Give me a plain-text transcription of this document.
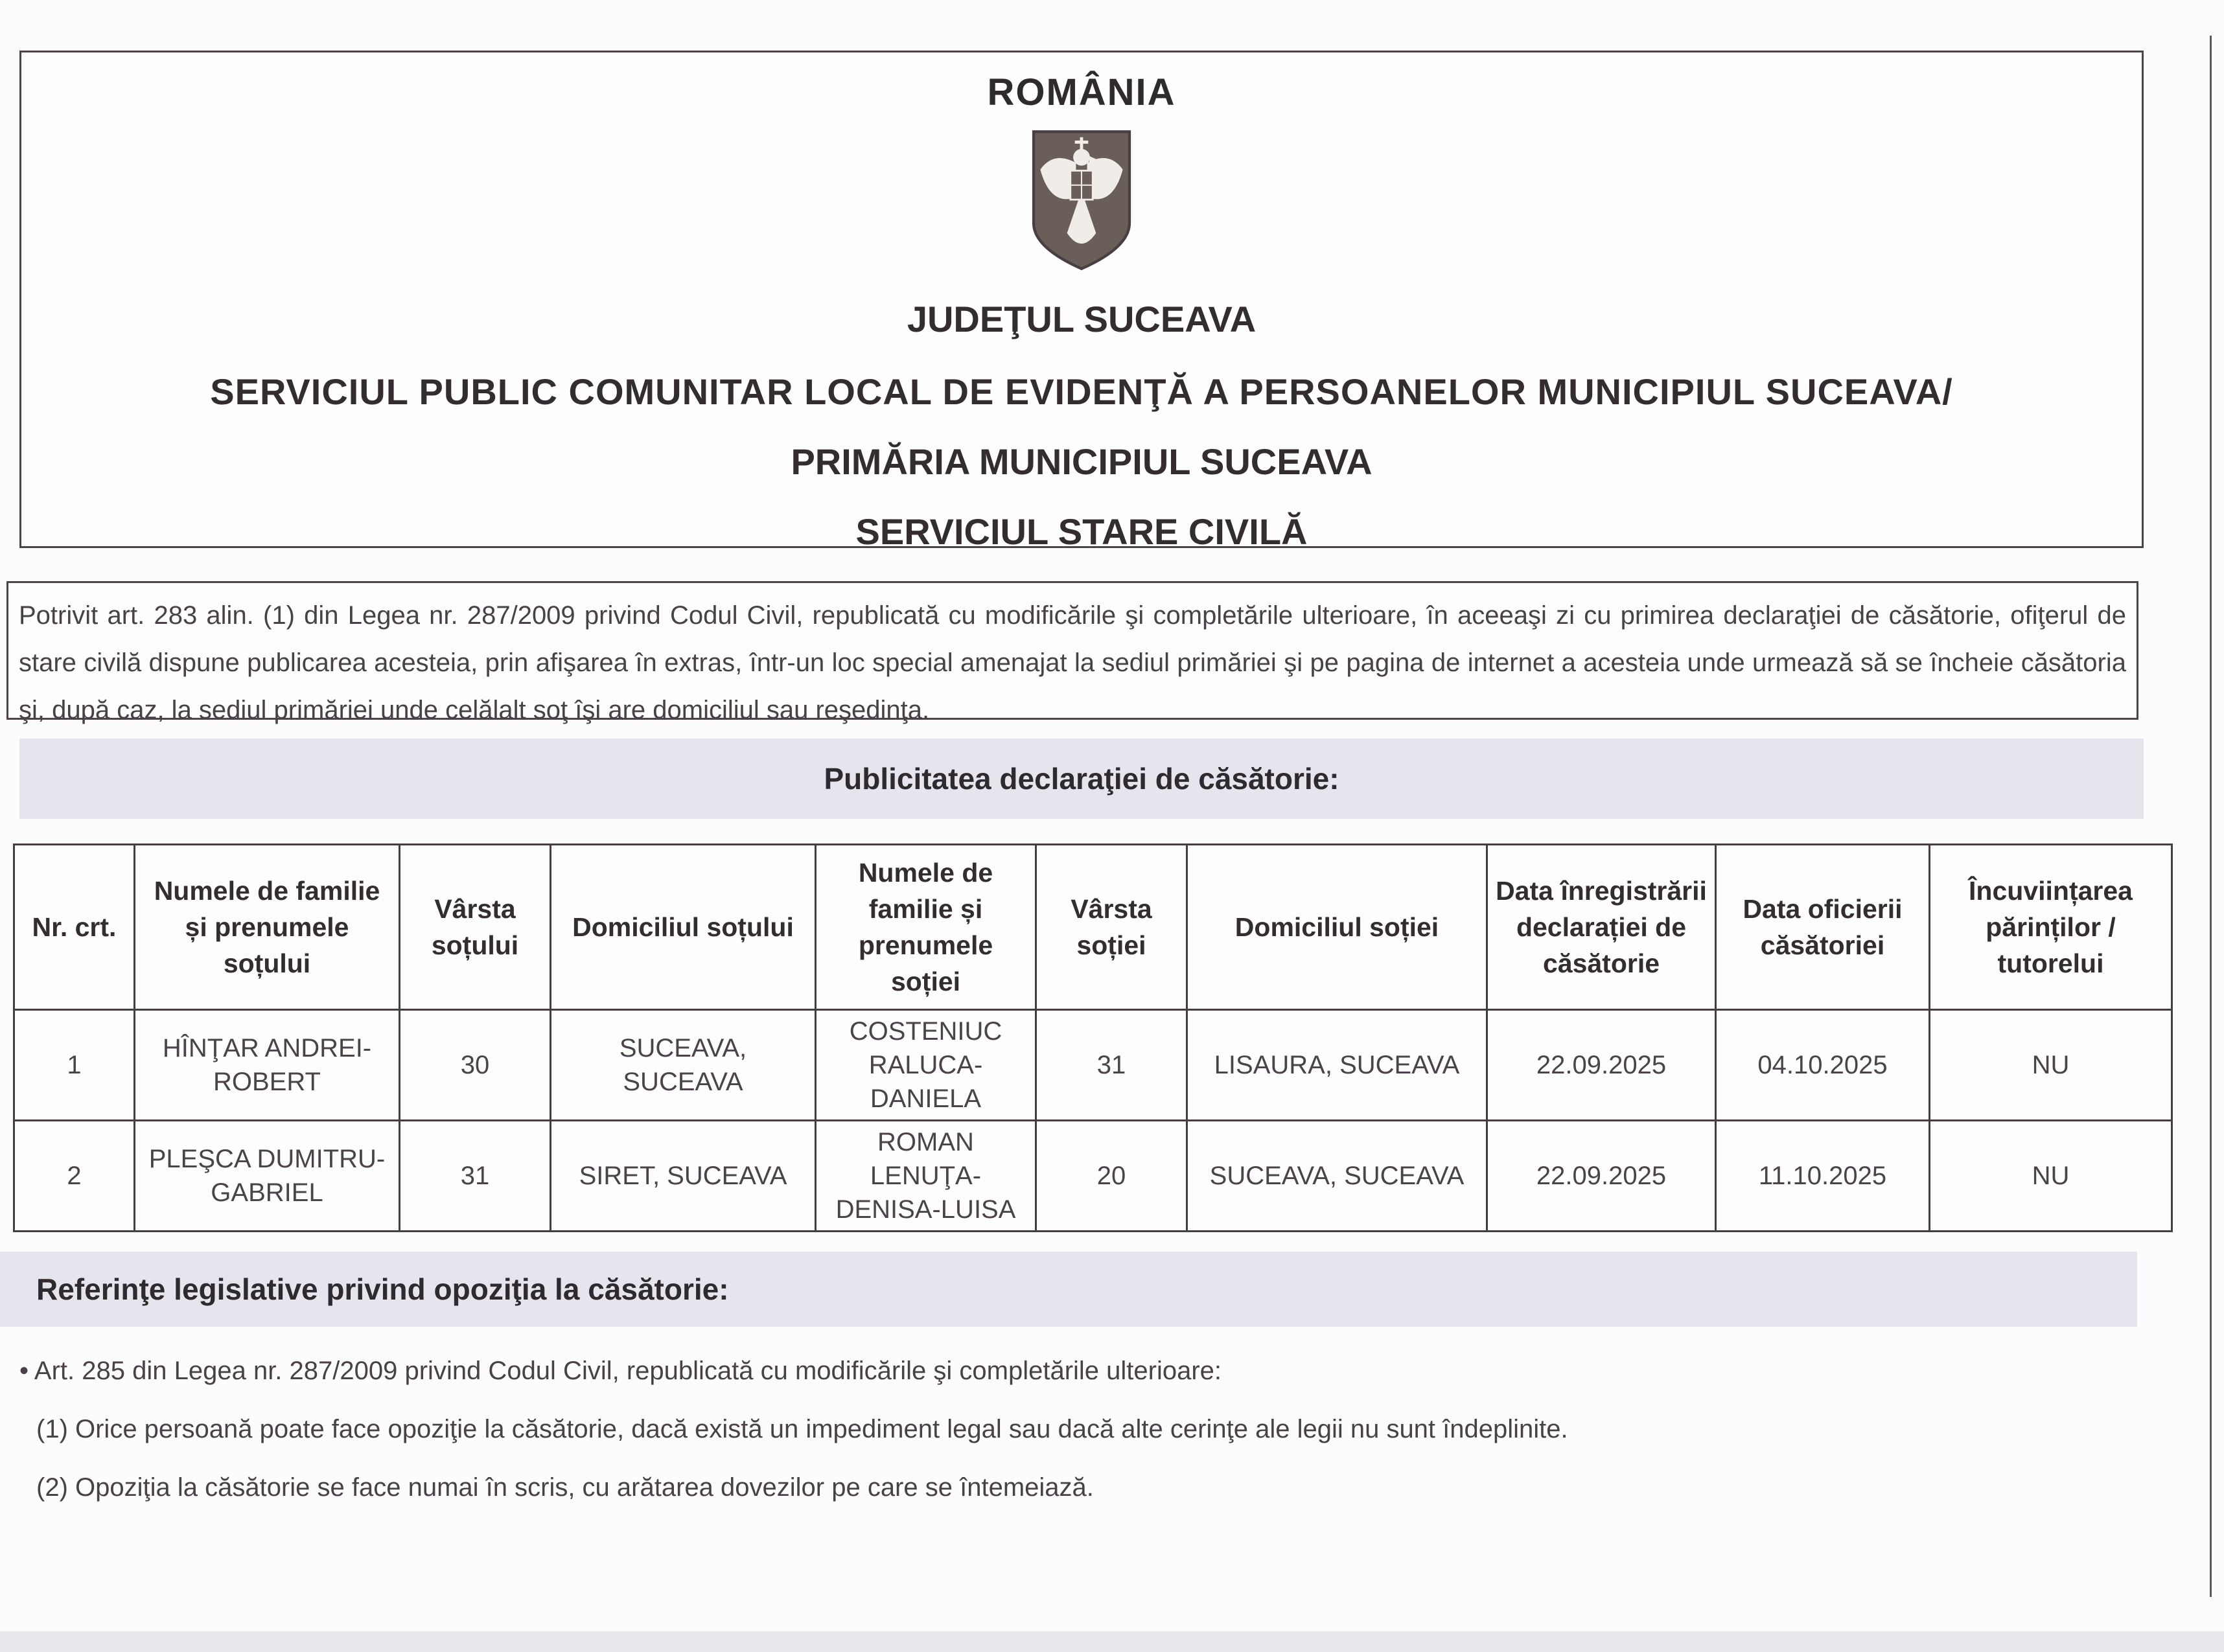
ROMÂNIA
JUDEŢUL SUCEAVA
SERVICIUL PUBLIC COMUNITAR LOCAL DE EVIDENŢĂ A PERSOANELOR MUNICIPIUL SUCEAVA/
PRIMĂRIA MUNICIPIUL SUCEAVA
SERVICIUL STARE CIVILĂ
Potrivit art. 283 alin. (1) din Legea nr. 287/2009 privind Codul Civil, republicată cu modificările şi completările ulterioare, în aceeaşi zi cu primirea declaraţiei de căsătorie, ofiţerul de stare civilă dispune publicarea acesteia, prin afişarea în extras, într-un loc special amenajat la sediul primăriei şi pe pagina de internet a acesteia unde urmează să se încheie căsătoria şi, după caz, la sediul primăriei unde celălalt soţ îşi are domiciliul sau reşedinţa.
Publicitatea declaraţiei de căsătorie:
Nr. crt.	Numele de familie și prenumele soțului	Vârsta soțului	Domiciliul soțului	Numele de familie și prenumele soției	Vârsta soției	Domiciliul soției	Data înregistrării declarației de căsătorie	Data oficierii căsătoriei	Încuviințarea părinților / tutorelui
1	HÎNŢAR ANDREI-ROBERT	30	SUCEAVA, SUCEAVA	COSTENIUC RALUCA-DANIELA	31	LISAURA, SUCEAVA	22.09.2025	04.10.2025	NU
2	PLEŞCA DUMITRU-GABRIEL	31	SIRET, SUCEAVA	ROMAN LENUŢA-DENISA-LUISA	20	SUCEAVA, SUCEAVA	22.09.2025	11.10.2025	NU
Referinţe legislative privind opoziţia la căsătorie:
• Art. 285 din Legea nr. 287/2009 privind Codul Civil, republicată cu modificările şi completările ulterioare:
(1) Orice persoană poate face opoziţie la căsătorie, dacă există un impediment legal sau dacă alte cerinţe ale legii nu sunt îndeplinite.
(2) Opoziţia la căsătorie se face numai în scris, cu arătarea dovezilor pe care se întemeiază.
